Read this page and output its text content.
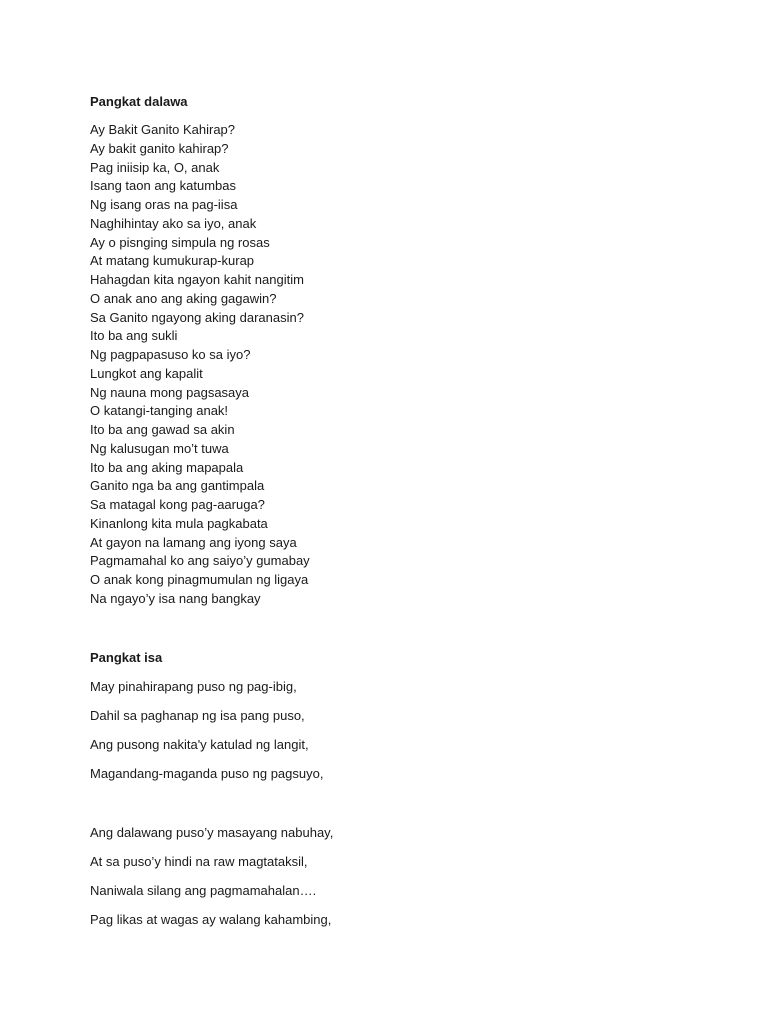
Pangkat dalawa
Ay Bakit Ganito Kahirap?
Ay bakit ganito kahirap?
Pag iniisip ka, O, anak
Isang taon ang katumbas
Ng isang oras na pag-iisa
Naghihintay ako sa iyo, anak
Ay o pisnging simpula ng rosas
At matang kumukurap-kurap
Hahagdan kita ngayon kahit nangitim
O anak ano ang aking gagawin?
Sa Ganito ngayong aking daranasin?
Ito ba ang sukli
Ng pagpapasuso ko sa iyo?
Lungkot ang kapalit
Ng nauna mong pagsasaya
O katangi-tanging anak!
Ito ba ang gawad sa akin
Ng kalusugan mo’t tuwa
Ito ba ang aking mapapala
Ganito nga ba ang gantimpala
Sa matagal kong pag-aaruga?
Kinanlong kita mula pagkabata
At gayon na lamang ang iyong saya
Pagmamahal ko ang saiyo’y gumabay
O anak kong pinagmumulan ng ligaya
Na ngayo’y isa nang bangkay
Pangkat isa
May pinahirapang puso ng pag-ibig,
Dahil sa paghanap ng isa pang puso,
Ang pusong nakita'y katulad ng langit,
Magandang-maganda puso ng pagsuyo,
Ang dalawang puso’y masayang nabuhay,
At sa puso’y hindi na raw magtataksil,
Naniwala silang ang pagmamahalan….
Pag likas at wagas ay walang kahambing,
